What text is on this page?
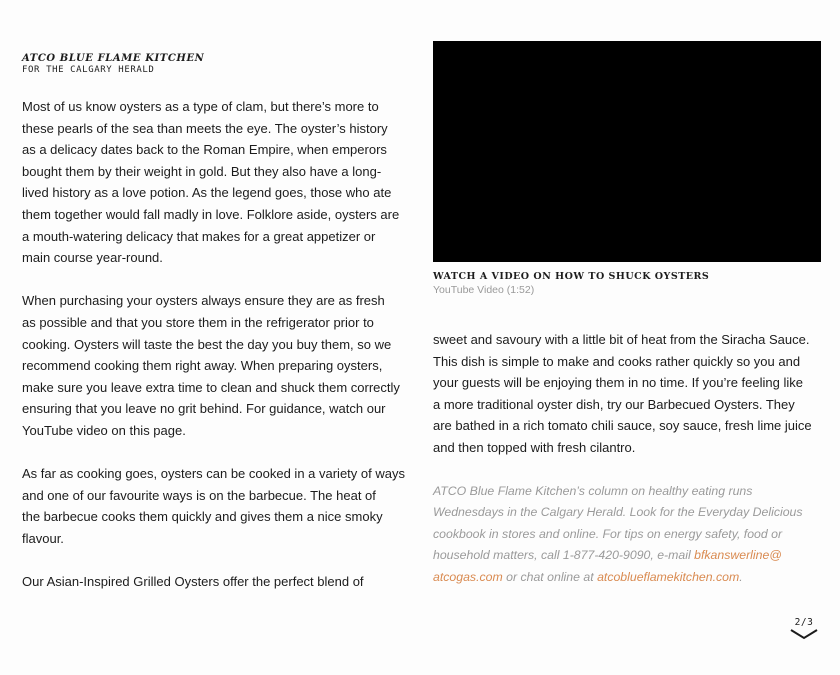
ATCO BLUE FLAME KITCHEN

FOR THE CALGARY HERALD

Most of us know oysters as a type of clam, but there’s more to
these pearls of the sea than meets the eye. The oyster’s history
as a delicacy dates back to the Roman Empire, when emperors
bought them by their weight in gold. But they also have a long-
lived history as a love potion. As the legend goes, those who ate
them together would fall madly in love. Folklore aside, oysters are
a mouth-watering delicacy that makes for a great appetizer or
main course year-round.

When purchasing your oysters always ensure they are as fresh
as possible and that you store them in the refrigerator prior to
cooking. Oysters will taste the best the day you buy them, so we
recommend cooking them right away. When preparing oysters,
make sure you leave extra time to clean and shuck them correctly
ensuring that you leave no grit behind. For guidance, watch our
YouTube video on this page.

As far as cooking goes, oysters can be cooked in a variety of ways
and one of our favourite ways is on the barbecue. The heat of
the barbecue cooks them quickly and gives them a nice smoky
flavour.

Our Asian-Inspired Grilled Oysters offer the perfect blend of

WATCH A VIDEO ON HOW TO SHUCK OYSTERS

YouTube Video (1:52)

sweet and savoury with a little bit of heat from the Siracha Sauce.
This dish is simple to make and cooks rather quickly so you and
your guests will be enjoying them in no time. If you’re feeling like
a more traditional oyster dish, try our Barbecued Oysters. They
are bathed in a rich tomato chili sauce, soy sauce, fresh lime juice
and then topped with fresh cilantro.

ATCO Blue Flame Kitchen’s column on healthy eating runs
Wednesdays in the Calgary Herald. Look for the Everyday Delicious
cookbook in stores and online. For tips on energy safety, food or
household matters, call 1-877-420-9090, e-mail bfkanswerline@
atcogas.com or chat online at atcoblueflamekitchen.com.

2/3
